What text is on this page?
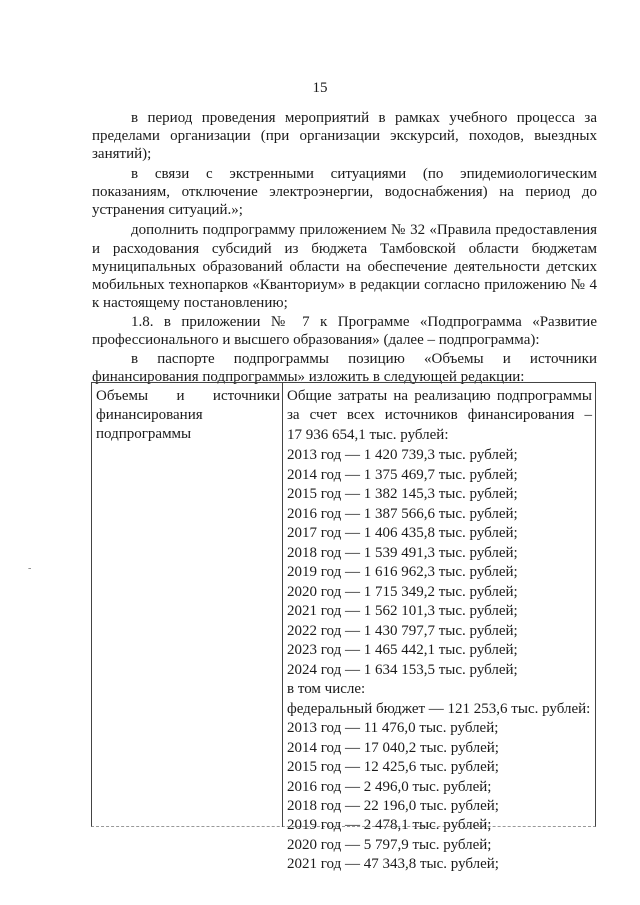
15
в период проведения мероприятий в рамках учебного процесса за
пределами организации (при организации экскурсий, походов, выездных
занятий);
в связи с экстренными ситуациями (по эпидемиологическим
показаниям, отключение электроэнергии, водоснабжения) на период до
устранения ситуаций.»;
дополнить подпрограмму приложением № 32 «Правила предоставления
и расходования субсидий из бюджета Тамбовской области бюджетам
муниципальных образований области на обеспечение деятельности детских
мобильных технопарков «Кванториум» в редакции согласно приложению № 4
к настоящему постановлению;
1.8. в приложении № 7 к Программе «Подпрограмма «Развитие
профессионального и высшего образования» (далее – подпрограмма):
в паспорте подпрограммы позицию «Объемы и источники
финансирования подпрограммы» изложить в следующей редакции:
Объемы и источники
финансирования
подпрограммы
Общие затраты на реализацию подпрограммы
за счет всех источников финансирования –
17 936 654,1 тыс. рублей:
2013 год — 1 420 739,3 тыс. рублей;
2014 год — 1 375 469,7 тыс. рублей;
2015 год — 1 382 145,3 тыс. рублей;
2016 год — 1 387 566,6 тыс. рублей;
2017 год — 1 406 435,8 тыс. рублей;
2018 год — 1 539 491,3 тыс. рублей;
2019 год — 1 616 962,3 тыс. рублей;
2020 год — 1 715 349,2 тыс. рублей;
2021 год — 1 562 101,3 тыс. рублей;
2022 год — 1 430 797,7 тыс. рублей;
2023 год — 1 465 442,1 тыс. рублей;
2024 год — 1 634 153,5 тыс. рублей;
в том числе:
федеральный бюджет — 121 253,6 тыс. рублей:
2013 год — 11 476,0 тыс. рублей;
2014 год — 17 040,2 тыс. рублей;
2015 год — 12 425,6 тыс. рублей;
2016 год — 2 496,0 тыс. рублей;
2018 год — 22 196,0 тыс. рублей;
2019 год — 2 478,1 тыс. рублей;
2020 год — 5 797,9 тыс. рублей;
2021 год — 47 343,8 тыс. рублей;
-
